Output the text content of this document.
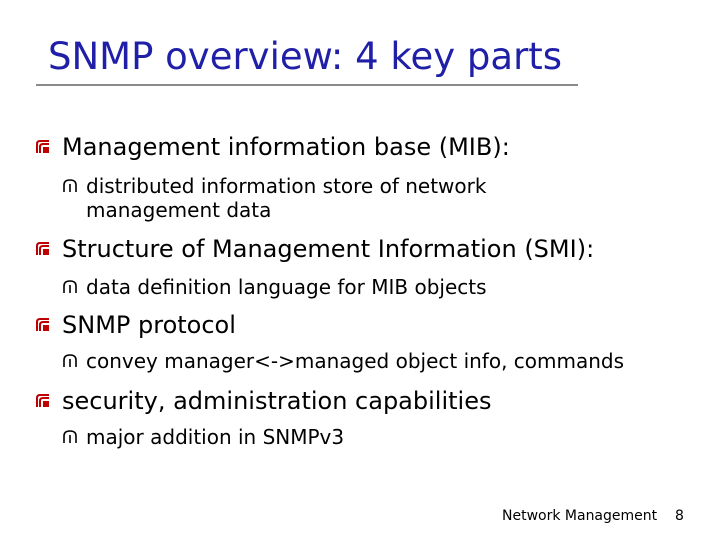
SNMP overview: 4 key parts
Management information base (MIB):
distributed information store of network management data
Structure of Management Information (SMI):
data definition language for MIB objects
SNMP protocol
convey manager<->managed object info, commands
security, administration capabilities
major addition in SNMPv3
Network Management 8
